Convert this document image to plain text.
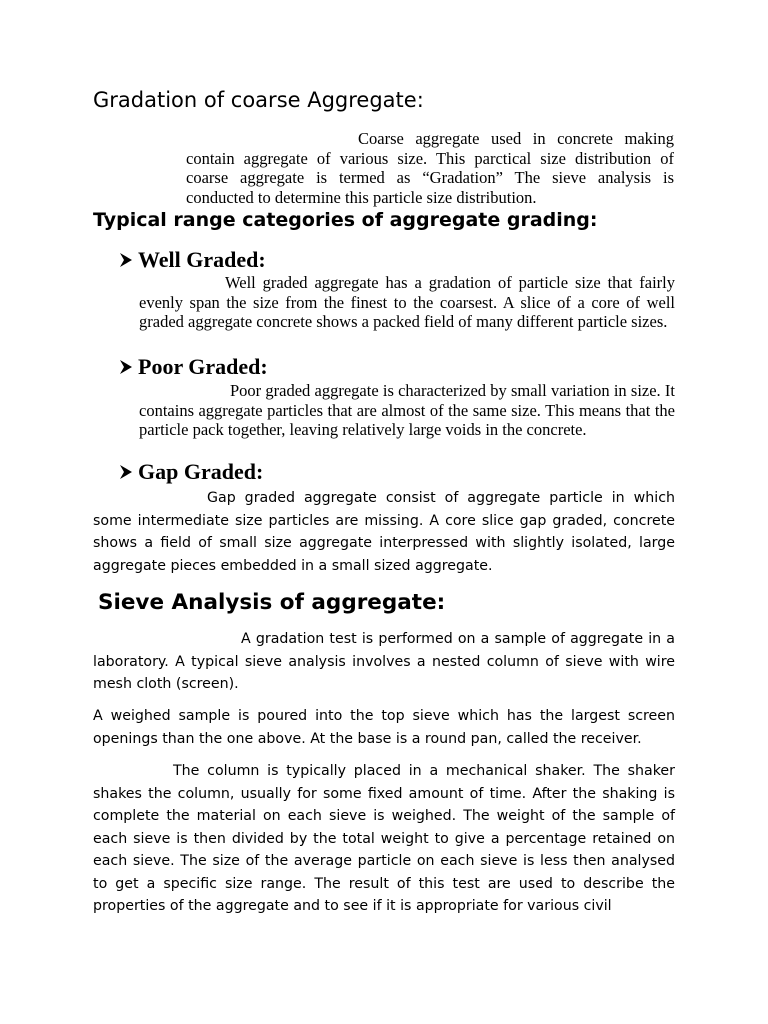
Gradation of coarse Aggregate:
Coarse aggregate used in concrete making contain aggregate of various size. This parctical size distribution of coarse aggregate is termed as “Gradation” The sieve analysis is conducted to determine this particle size distribution.
Typical range categories of aggregate grading:
Well Graded:
Well graded aggregate has a gradation of particle size that fairly evenly span the size from the finest to the coarsest. A slice of a core of well graded aggregate concrete shows a packed field of many different particle sizes.
Poor Graded:
Poor graded aggregate is characterized by small variation in size. It contains aggregate particles that are almost of the same size. This means that the particle pack together, leaving relatively large voids in the concrete.
Gap Graded:
Gap graded aggregate consist of aggregate particle in which some intermediate size particles are missing. A core slice gap graded, concrete shows a field of small size aggregate interpressed with slightly isolated, large aggregate pieces embedded in a small sized aggregate.
Sieve Analysis of aggregate:
A gradation test is performed on a sample of aggregate in a laboratory. A typical sieve analysis involves a nested column of sieve with wire mesh cloth (screen).
A weighed sample is poured into the top sieve which has the largest screen openings than the one above. At the base is a round pan, called the receiver.
The column is typically placed in a mechanical shaker. The shaker shakes the column, usually for some fixed amount of time. After the shaking is complete the material on each sieve is weighed. The weight of the sample of each sieve is then divided by the total weight to give a percentage retained on each sieve. The size of the average particle on each sieve is less then analysed to get a specific size range. The result of this test are used to describe the properties of the aggregate and to see if it is appropriate for various civil
